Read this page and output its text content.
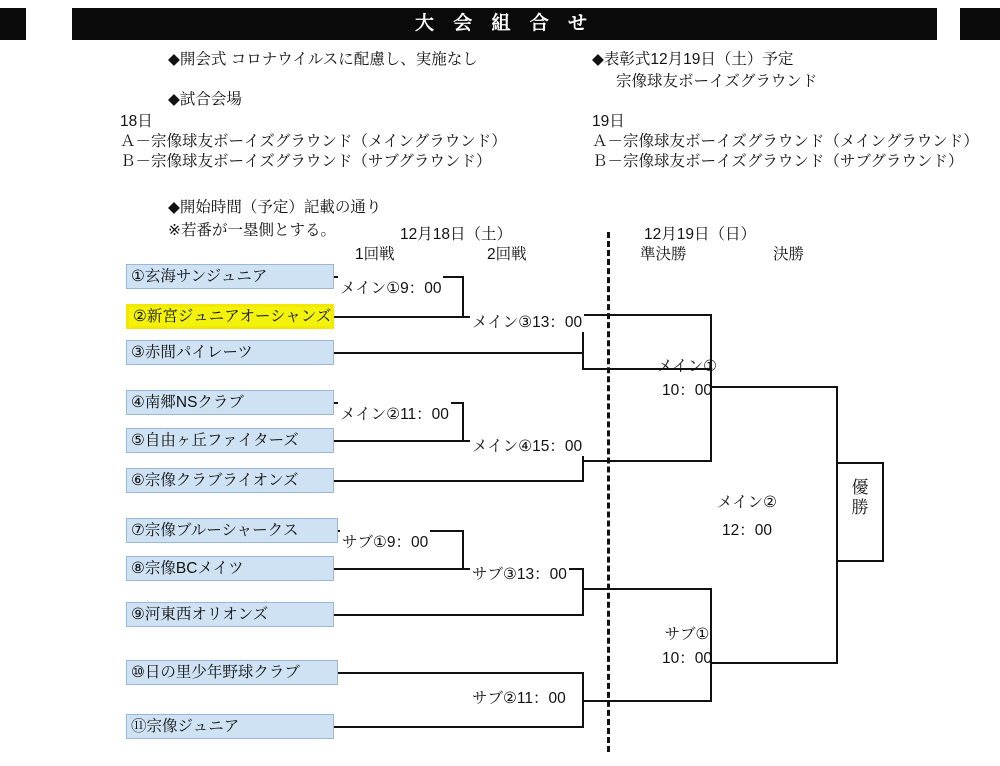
大 会 組 合 せ
◆開会式 コロナウイルスに配慮し、実施なし	◆表彰式12月19日（土）予定
宗像球友ボーイズグラウンド
◆試合会場
18日
Ａ－宗像球友ボーイズグラウンド（メイングラウンド）
Ｂ－宗像球友ボーイズグラウンド（サブグラウンド）
19日
Ａ－宗像球友ボーイズグラウンド（メイングラウンド）
Ｂ－宗像球友ボーイズグラウンド（サブグラウンド）
◆開始時間（予定）記載の通り
※若番が一塁側とする。	12月18日（土）
1回戦	2回戦
12月19日（日）
準決勝	決勝
①玄海サンジュニア
②新宮ジュニアオーシャンズ
③赤間パイレーツ
④南郷NSクラブ
⑤自由ヶ丘ファイターズ
⑥宗像クラブライオンズ
⑦宗像ブルーシャークス
⑧宗像BCメイツ
⑨河東西オリオンズ
⑩日の里少年野球クラブ
⑪宗像ジュニア
メイン①9：00
メイン③13：00
メイン②11：00
メイン④15：00
サブ①9：00
サブ③13：00
サブ②11：00
メイン①
10：00
サブ①
10：00
メイン②
12：00
優
勝
